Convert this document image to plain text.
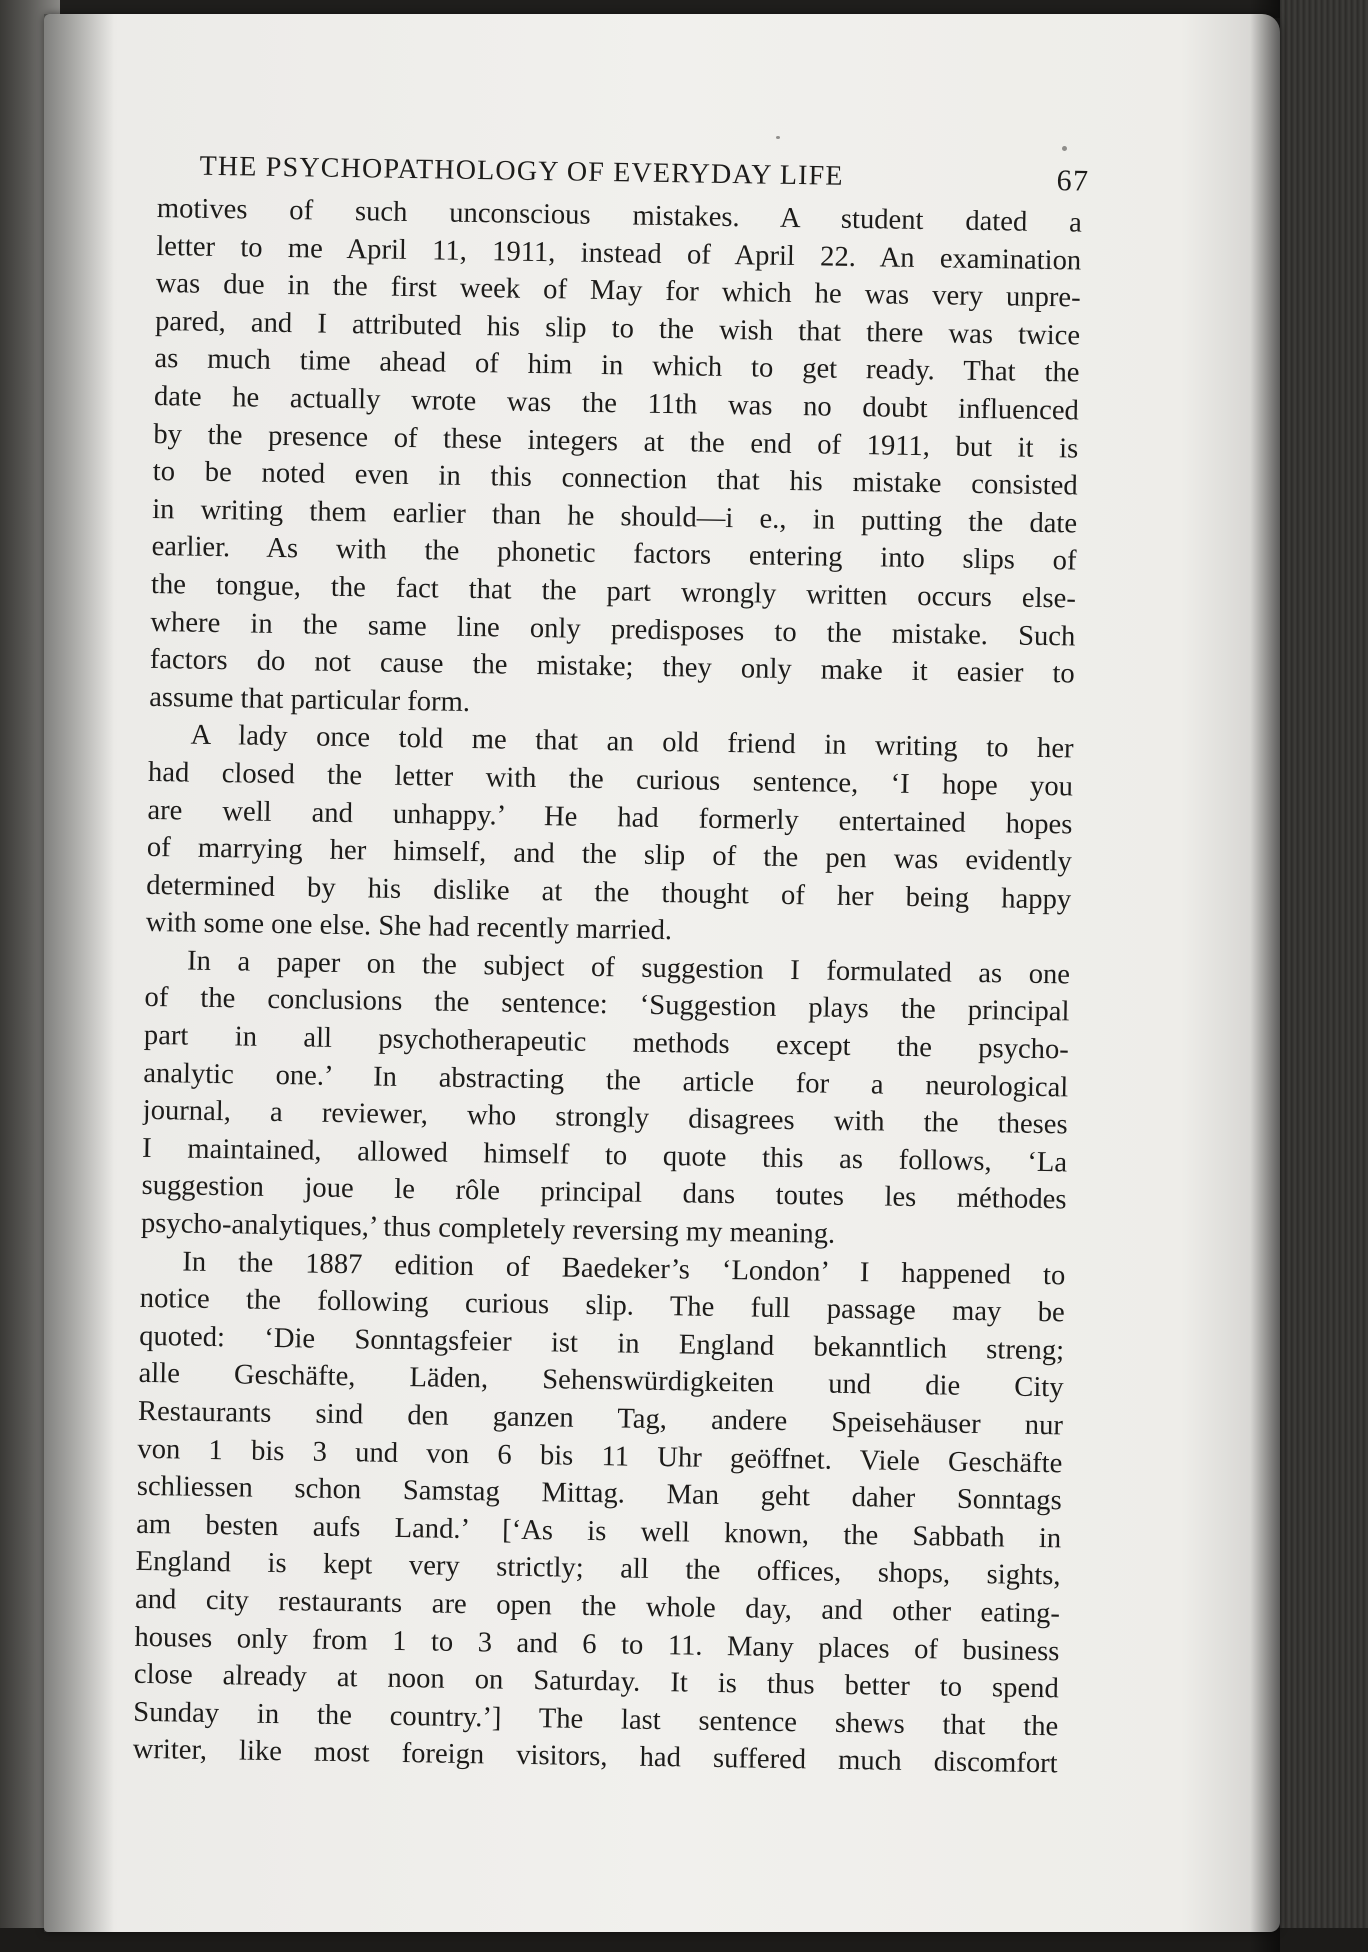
THE PSYCHOPATHOLOGY OF EVERYDAY LIFE	67
motives of such unconscious mistakes. A student dated a
letter to me April 11, 1911, instead of April 22. An examination
was due in the first week of May for which he was very unpre-
pared, and I attributed his slip to the wish that there was twice
as much time ahead of him in which to get ready. That the
date he actually wrote was the 11th was no doubt influenced
by the presence of these integers at the end of 1911, but it is
to be noted even in this connection that his mistake consisted
in writing them earlier than he should—i e., in putting the date
earlier. As with the phonetic factors entering into slips of
the tongue, the fact that the part wrongly written occurs else-
where in the same line only predisposes to the mistake. Such
factors do not cause the mistake; they only make it easier to
assume that particular form.
A lady once told me that an old friend in writing to her
had closed the letter with the curious sentence, ‘I hope you
are well and unhappy.’ He had formerly entertained hopes
of marrying her himself, and the slip of the pen was evidently
determined by his dislike at the thought of her being happy
with some one else. She had recently married.
In a paper on the subject of suggestion I formulated as one
of the conclusions the sentence: ‘Suggestion plays the principal
part in all psychotherapeutic methods except the psycho-
analytic one.’ In abstracting the article for a neurological
journal, a reviewer, who strongly disagrees with the theses
I maintained, allowed himself to quote this as follows, ‘La
suggestion joue le rôle principal dans toutes les méthodes
psycho-analytiques,’ thus completely reversing my meaning.
In the 1887 edition of Baedeker’s ‘London’ I happened to
notice the following curious slip. The full passage may be
quoted: ‘Die Sonntagsfeier ist in England bekanntlich streng;
alle Geschäfte, Läden, Sehenswürdigkeiten und die City
Restaurants sind den ganzen Tag, andere Speisehäuser nur
von 1 bis 3 und von 6 bis 11 Uhr geöffnet. Viele Geschäfte
schliessen schon Samstag Mittag. Man geht daher Sonntags
am besten aufs Land.’ [‘As is well known, the Sabbath in
England is kept very strictly; all the offices, shops, sights,
and city restaurants are open the whole day, and other eating-
houses only from 1 to 3 and 6 to 11. Many places of business
close already at noon on Saturday. It is thus better to spend
Sunday in the country.’] The last sentence shews that the
writer, like most foreign visitors, had suffered much discomfort
